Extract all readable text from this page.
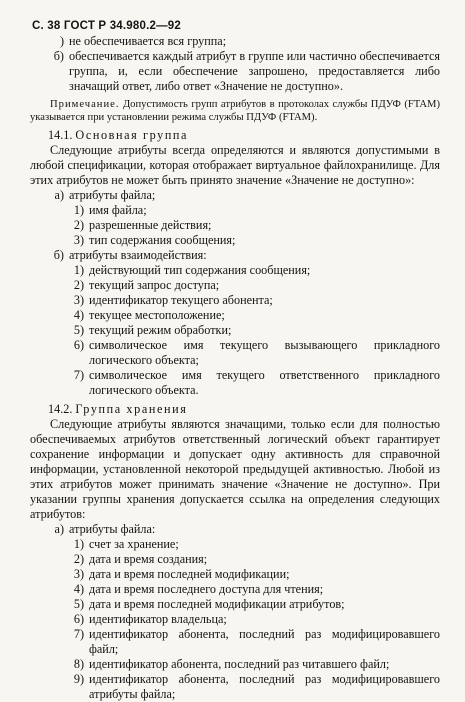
С. 38 ГОСТ Р 34.980.2—92
) не обеспечивается вся группа;
б) обеспечивается каждый атрибут в группе или частично обеспечивается группа, и, если обеспечение запрошено, предоставляется либо значащий ответ, либо ответ «Значение не доступно».
Примечание. Допустимость групп атрибутов в протоколах службы ПДУФ (FTAM) указывается при установлении режима службы ПДУФ (FTAM).
14.1. Основная группа
Следующие атрибуты всегда определяются и являются допустимыми в любой спецификации, которая отображает виртуальное файлохранилище. Для этих атрибутов не может быть принято значение «Значение не доступно»:
а) атрибуты файла;
1) имя файла;
2) разрешенные действия;
3) тип содержания сообщения;
б) атрибуты взаимодействия:
1) действующий тип содержания сообщения;
2) текущий запрос доступа;
3) идентификатор текущего абонента;
4) текущее местоположение;
5) текущий режим обработки;
6) символическое имя текущего вызывающего прикладного логического объекта;
7) символическое имя текущего ответственного прикладного логического объекта.
14.2. Группа хранения
Следующие атрибуты являются значащими, только если для полностью обеспечиваемых атрибутов ответственный логический объект гарантирует сохранение информации и допускает одну активность для справочной информации, установленной некоторой предыдущей активностью. Любой из этих атрибутов может принимать значение «Значение не доступно». При указании группы хранения допускается ссылка на определения следующих атрибутов:
а) атрибуты файла:
1) счет за хранение;
2) дата и время создания;
3) дата и время последней модификации;
4) дата и время последнего доступа для чтения;
5) дата и время последней модификации атрибутов;
6) идентификатор владельца;
7) идентификатор абонента, последний раз модифицировавшего файл;
8) идентификатор абонента, последний раз читавшего файл;
9) идентификатор абонента, последний раз модифицировавшего атрибуты файла;
